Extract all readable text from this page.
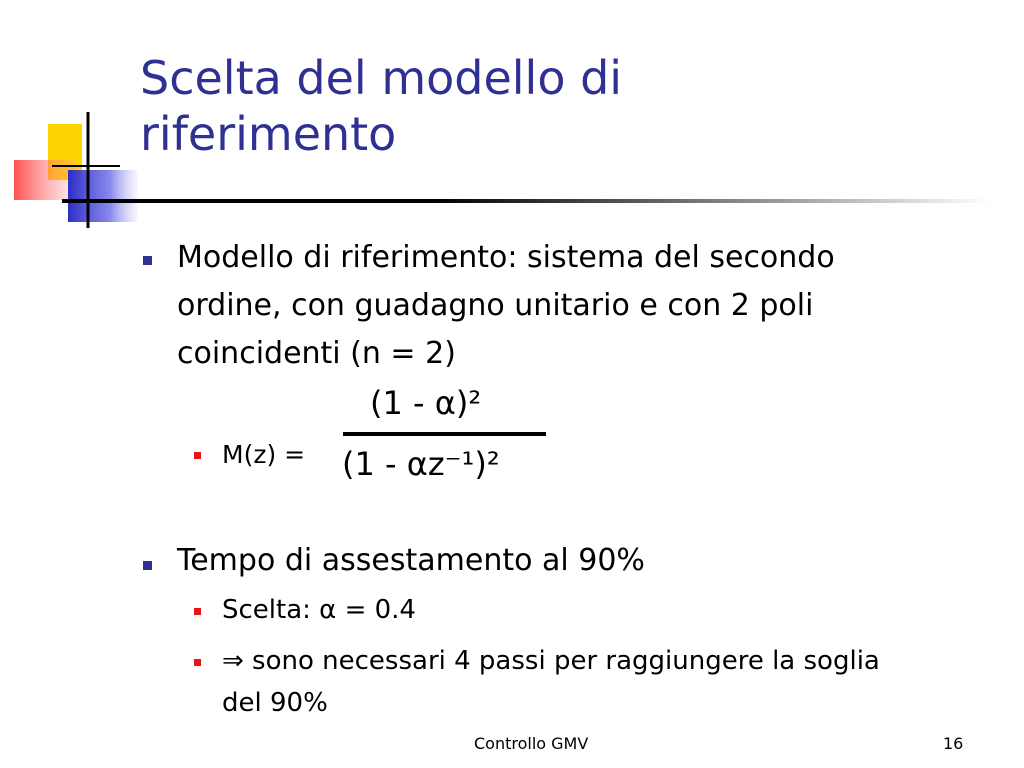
Scelta del modello di
riferimento
Modello di riferimento: sistema del secondo
ordine, con guadagno unitario e con 2 poli
coincidenti (n = 2)
(1 - α)²
M(z) = (1 - αz⁻¹)²
Tempo di assestamento al 90%
Scelta: α = 0.4
⇒ sono necessari 4 passi per raggiungere la soglia
del 90%
Controllo GMV	16
